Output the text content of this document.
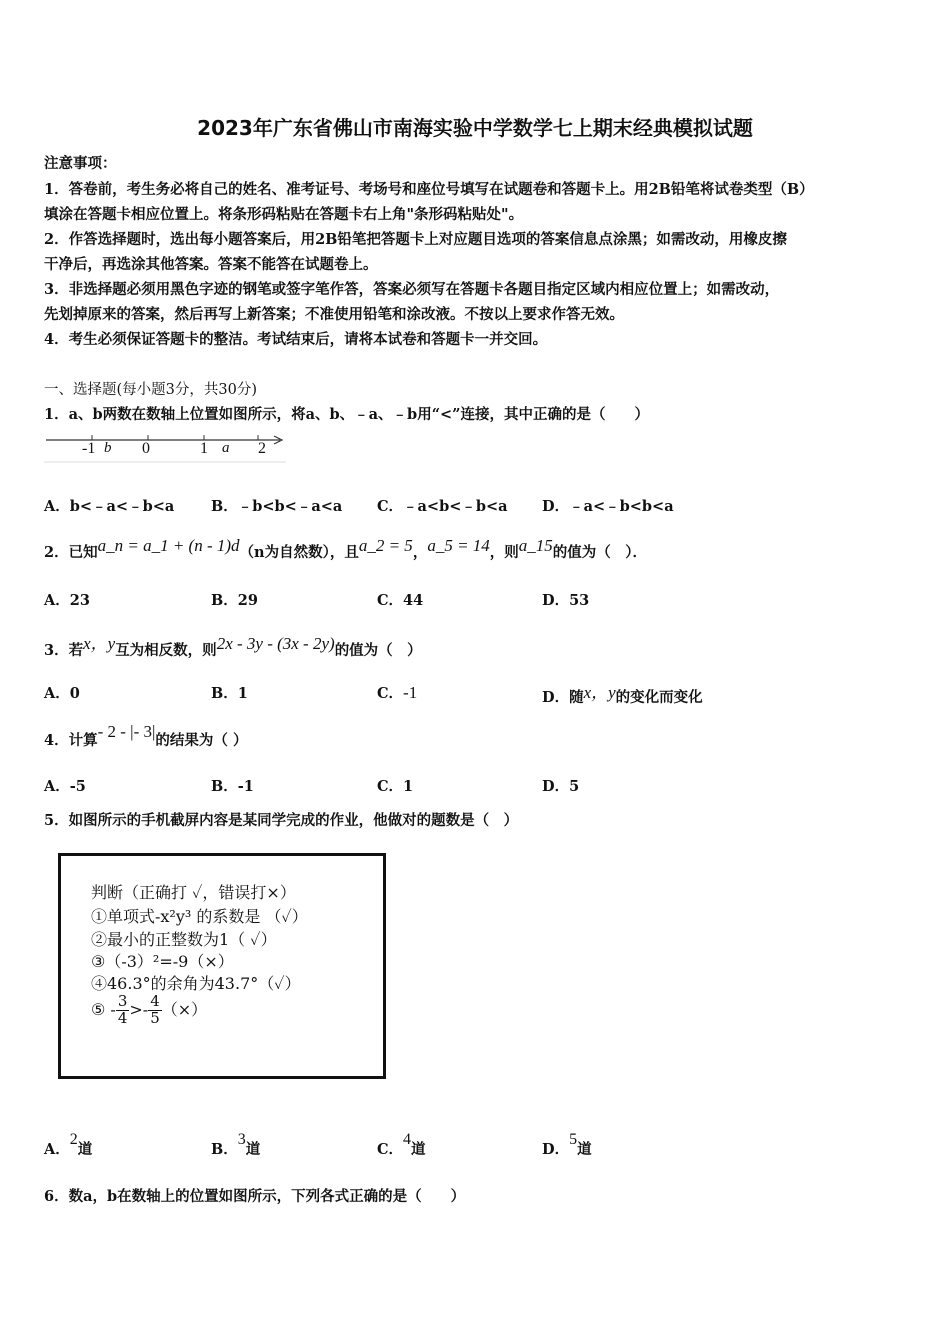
2023年广东省佛山市南海实验中学数学七上期末经典模拟试题
注意事项：
1．答卷前，考生务必将自己的姓名、准考证号、考场号和座位号填写在试题卷和答题卡上。用2B铅笔将试卷类型（B）
填涂在答题卡相应位置上。将条形码粘贴在答题卡右上角"条形码粘贴处"。
2．作答选择题时，选出每小题答案后，用2B铅笔把答题卡上对应题目选项的答案信息点涂黑；如需改动，用橡皮擦
干净后，再选涂其他答案。答案不能答在试题卷上。
3．非选择题必须用黑色字迹的钢笔或签字笔作答，答案必须写在答题卡各题目指定区域内相应位置上；如需改动，
先划掉原来的答案，然后再写上新答案；不准使用铅笔和涂改液。不按以上要求作答无效。
4．考生必须保证答题卡的整洁。考试结束后，请将本试卷和答题卡一并交回。
一、选择题(每小题3分，共30分)
1．a、b两数在数轴上位置如图所示，将a、b、﹣a、﹣b用“<”连接，其中正确的是（　　）
-1 b 0	1 a 2
A．b<﹣a<﹣b<a	B．﹣b<b<﹣a<a C．﹣a<b<﹣b<a D．﹣a<﹣b<b<a
2．已知a_n = a_1 + (n - 1)d（n为自然数），且a_2 = 5，a_5 = 14，则a_15的值为（　）．
A．23	B．29	C．44	D．53
3．若x，y互为相反数，则2x - 3y - (3x - 2y)的值为（　）
A．0	B．1	C．-1	D．随x，y的变化而变化
4．计算- 2 - |- 3|的结果为（ ）
A．-5	B．-1	C．1	D．5
5．如图所示的手机截屏内容是某同学完成的作业，他做对的题数是（　）
判断（正确打 ✓，错误打×）
①单项式-x²y³ 的系数是 （✓）
②最小的正整数为1（ ✓）
③（-3）²=-9（×）
④46.3°的余角为43.7°（✓）
⑤ - $\frac{3}{4} >- \frac{4}{5}$ （×）
A．2道	B．3道	C．4道	D．5道
6．数a，b在数轴上的位置如图所示，下列各式正确的是（　　）
